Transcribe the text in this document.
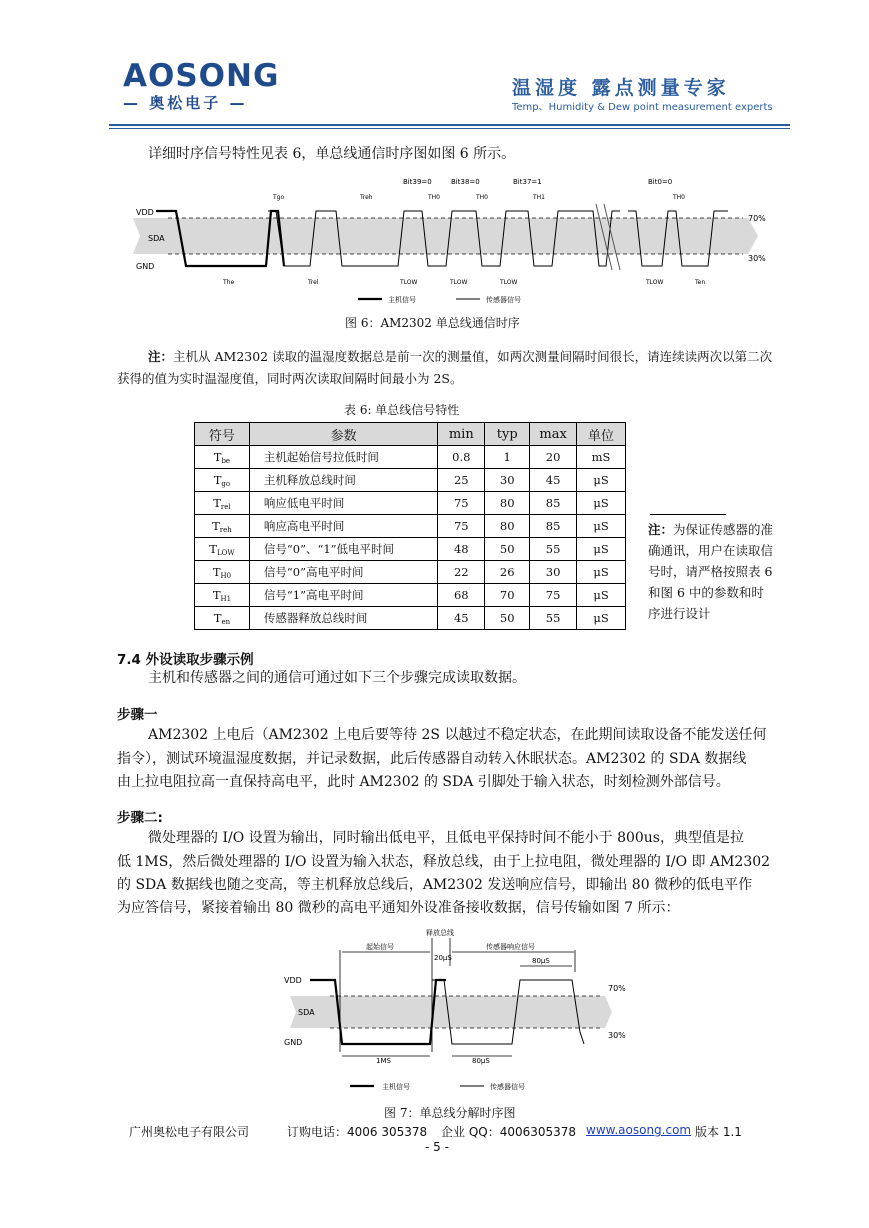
AOSONG
— 奥松电子 —
温湿度 露点测量专家
Temp、Humidity & Dew point measurement experts
详细时序信号特性见表 6，单总线通信时序图如图 6 所示。
VDD
SDA
GND
70%
30%
Bit39=0	Bit38=0	Bit37=1	Bit0=0
Tgo	Treh	TH0	TH0	TH1	TH0
The	Trel	TLOW	TLOW	TLOW	TLOW	Ten
主机信号	传感器信号
图 6：AM2302 单总线通信时序
注：主机从 AM2302 读取的温湿度数据总是前一次的测量值，如两次测量间隔时间很长，请连续读两次以第二次
获得的值为实时温湿度值，同时两次读取间隔时间最小为 2S。
表 6: 单总线信号特性
符号	参数	min	typ	max	单位
Tbe	主机起始信号拉低时间	0.8	1	20	mS
Tgo	主机释放总线时间	25	30	45	μS
Trel	响应低电平时间	75	80	85	μS
Treh	响应高电平时间	75	80	85	μS
TLOW	信号“0”、“1”低电平时间	48	50	55	μS
TH0	信号“0”高电平时间	22	26	30	μS
TH1	信号“1”高电平时间	68	70	75	μS
Ten	传感器释放总线时间	45	50	55	μS
注：为保证传感器的准
确通讯，用户在读取信
号时，请严格按照表 6
和图 6 中的参数和时
序进行设计
7.4 外设读取步骤示例
主机和传感器之间的通信可通过如下三个步骤完成读取数据。
步骤一
AM2302 上电后（AM2302 上电后要等待 2S 以越过不稳定状态，在此期间读取设备不能发送任何
指令），测试环境温湿度数据，并记录数据，此后传感器自动转入休眠状态。AM2302 的 SDA 数据线
由上拉电阻拉高一直保持高电平，此时 AM2302 的 SDA 引脚处于输入状态，时刻检测外部信号。
步骤二:
微处理器的 I/O 设置为输出，同时输出低电平，且低电平保持时间不能小于 800us，典型值是拉
低 1MS，然后微处理器的 I/O 设置为输入状态，释放总线，由于上拉电阻，微处理器的 I/O 即 AM2302
的 SDA 数据线也随之变高，等主机释放总线后，AM2302 发送响应信号，即输出 80 微秒的低电平作
为应答信号，紧接着输出 80 微秒的高电平通知外设准备接收数据，信号传输如图 7 所示：
VDD
SDA
GND
70%
30%
释放总线
起始信号	传感器响应信号
20μS	80μS
1MS	80μS
主机信号	传感器信号
图 7：单总线分解时序图
广州奥松电子有限公司	订购电话：4006 305378 企业 QQ：4006305378 www.aosong.com 版本 1.1
- 5 -
